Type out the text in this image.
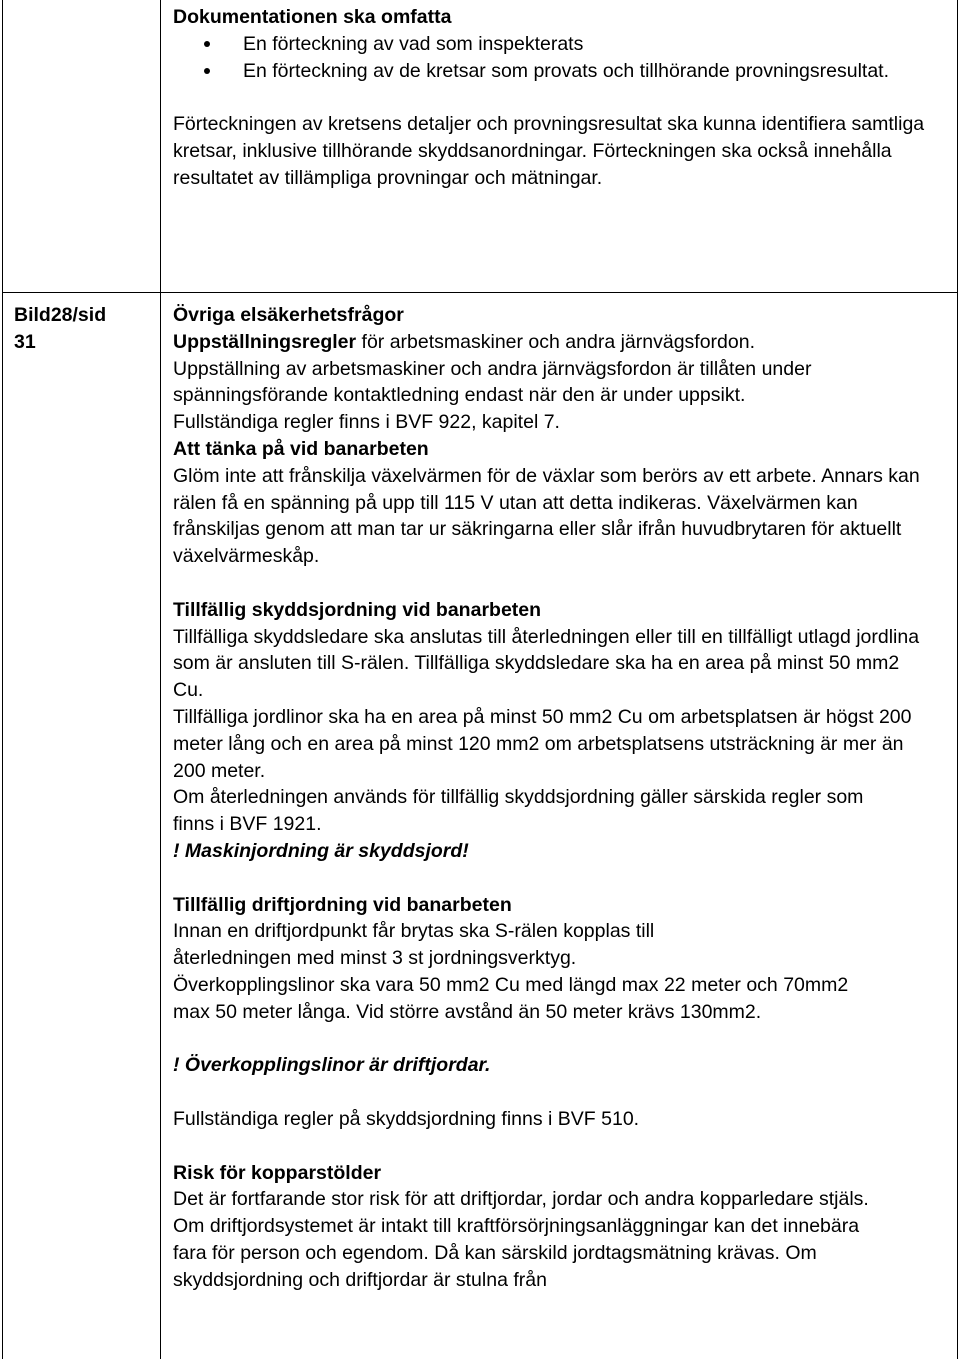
Dokumentationen ska omfatta

En förteckning av vad som inspekterats
En förteckning av de kretsar som provats och tillhörande provningsresultat.

Förteckningen av kretsens detaljer och provningsresultat ska kunna identifiera samtliga kretsar, inklusive tillhörande skyddsanordningar. Förteckningen ska också innehålla resultatet av tillämpliga provningar och mätningar.

Bild28/sid
31

Övriga elsäkerhetsfrågor

Uppställningsregler för arbetsmaskiner och andra järnvägsfordon.

Uppställning av arbetsmaskiner och andra järnvägsfordon är tillåten under spänningsförande kontaktledning endast när den är under uppsikt.

Fullständiga regler finns i BVF 922, kapitel 7.

Att tänka på vid banarbeten

Glöm inte att frånskilja växelvärmen för de växlar som berörs av ett arbete. Annars kan rälen få en spänning på upp till 115 V utan att detta indikeras. Växelvärmen kan frånskiljas genom att man tar ur säkringarna eller slår ifrån huvudbrytaren för aktuellt växelvärmeskåp.

Tillfällig skyddsjordning vid banarbeten

Tillfälliga skyddsledare ska anslutas till återledningen eller till en tillfälligt utlagd jordlina som är ansluten till S-rälen. Tillfälliga skyddsledare ska ha en area på minst 50 mm2 Cu.

Tillfälliga jordlinor ska ha en area på minst 50 mm2 Cu om arbetsplatsen är högst 200 meter lång och en area på minst 120 mm2 om arbetsplatsens utsträckning är mer än 200 meter.

Om återledningen används för tillfällig skyddsjordning gäller särskida regler som finns i BVF 1921.

! Maskinjordning är skyddsjord!

Tillfällig driftjordning vid banarbeten

Innan en driftjordpunkt får brytas ska S-rälen kopplas till återledningen med minst 3 st jordningsverktyg.

Överkopplingslinor ska vara 50 mm2 Cu med längd max 22 meter och 70mm2 max 50 meter långa. Vid större avstånd än 50 meter krävs 130mm2.

! Överkopplingslinor är driftjordar.

Fullständiga regler på skyddsjordning finns i BVF 510.

Risk för kopparstölder

Det är fortfarande stor risk för att driftjordar, jordar och andra kopparledare stjäls. Om driftjordsystemet är intakt till kraftförsörjningsanläggningar kan det innebära fara för person och egendom. Då kan särskild jordtagsmätning krävas. Om skyddsjordning och driftjordar är stulna från
